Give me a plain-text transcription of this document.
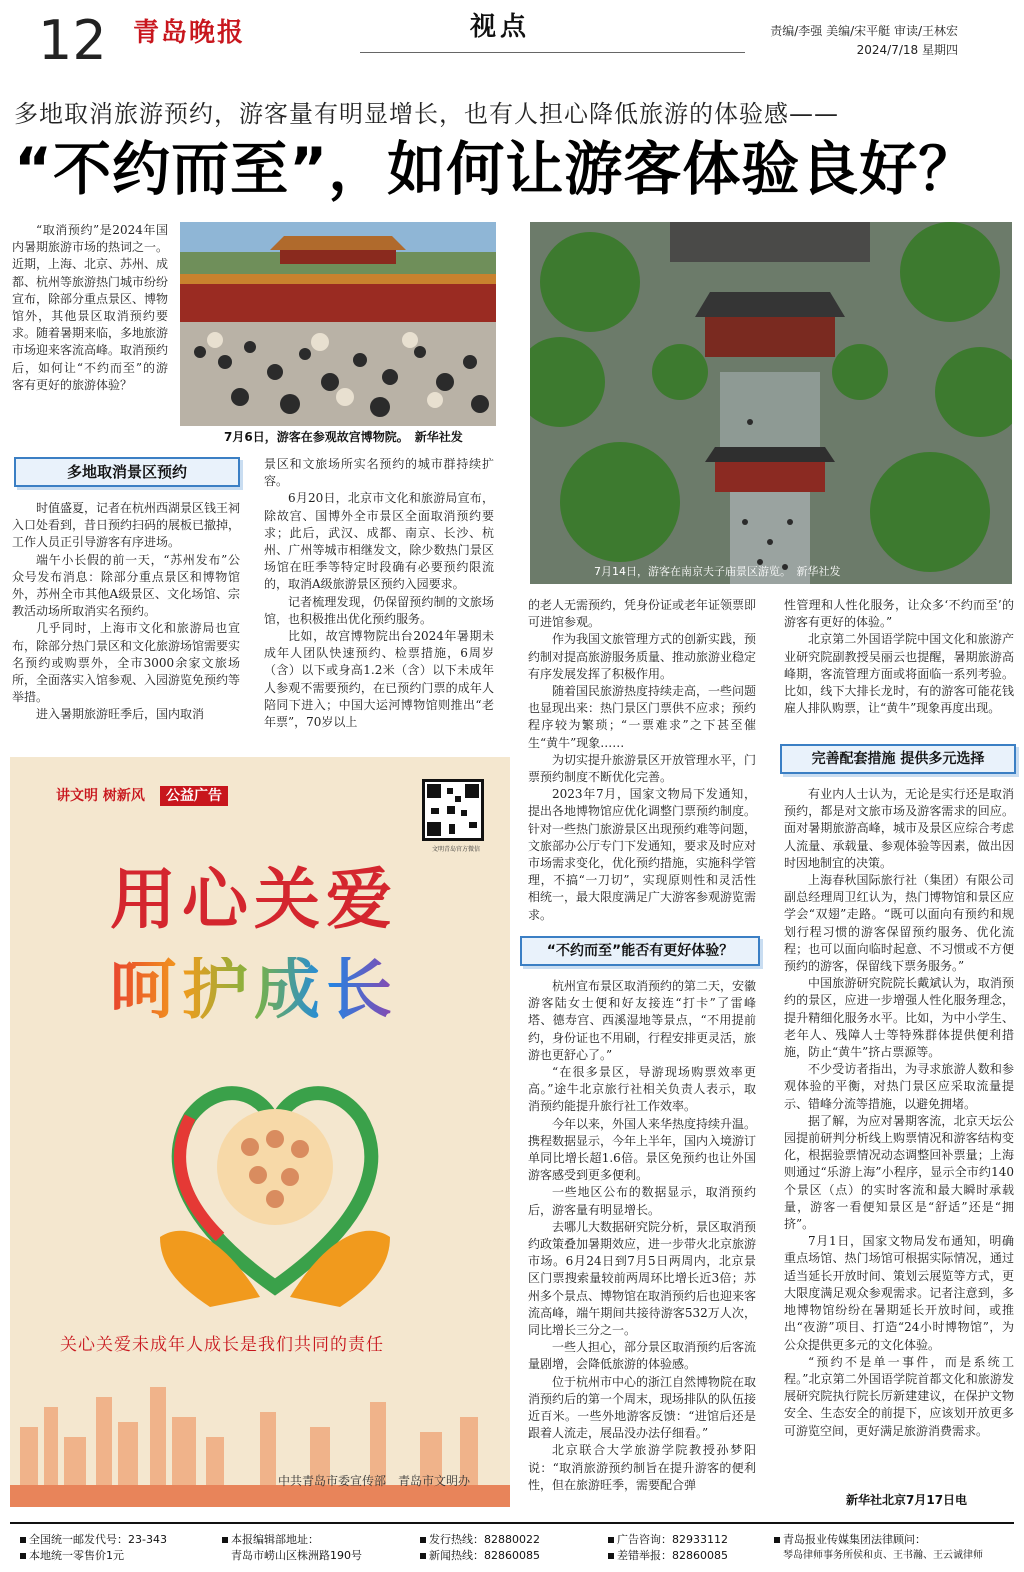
12 青岛晚报	视点	责编/李强 美编/宋平艇 审读/王林宏
2024/7/18 星期四
多地取消旅游预约，游客量有明显增长，也有人担心降低旅游的体验感——
“不约而至”，如何让游客体验良好？

“取消预约”是2024年国内暑期旅游市场的热词之一。近期，上海、北京、苏州、成都、杭州等旅游热门城市纷纷宣布，除部分重点景区、博物馆外，其他景区取消预约要求。随着暑期来临，多地旅游市场迎来客流高峰。取消预约后，如何让“不约而至”的游客有更好的旅游体验？

7月6日，游客在参观故宫博物院。　新华社发
多地取消景区预约

时值盛夏，记者在杭州西湖景区钱王祠入口处看到，昔日预约扫码的展板已撤掉，工作人员正引导游客有序进场。

端午小长假的前一天，“苏州发布”公众号发布消息：除部分重点景区和博物馆外，苏州全市其他A级景区、文化场馆、宗教活动场所取消实名预约。

几乎同时，上海市文化和旅游局也宣布，除部分热门景区和文化旅游场馆需要实名预约或购票外，全市3000余家文旅场所，全面落实入馆参观、入园游览免预约等举措。

进入暑期旅游旺季后，国内取消

景区和文旅场所实名预约的城市群持续扩容。

6月20日，北京市文化和旅游局宣布，除故宫、国博外全市景区全面取消预约要求；此后，武汉、成都、南京、长沙、杭州、广州等城市相继发文，除少数热门景区场馆在旺季等特定时段确有必要预约限流的，取消A级旅游景区预约入园要求。

记者梳理发现，仍保留预约制的文旅场馆，也积极推出优化预约服务。

比如，故宫博物院出台2024年暑期未成年人团队快速预约、检票措施，6周岁（含）以下或身高1.2米（含）以下未成年人参观不需要预约，在已预约门票的成年人陪同下进入；中国大运河博物馆则推出“老年票”，70岁以上

7月14日，游客在南京夫子庙景区游览。　新华社发

的老人无需预约，凭身份证或老年证领票即可进馆参观。

作为我国文旅管理方式的创新实践，预约制对提高旅游服务质量、推动旅游业稳定有序发展发挥了积极作用。

随着国民旅游热度持续走高，一些问题也显现出来：热门景区门票供不应求；预约程序较为繁琐；“一票难求”之下甚至催生“黄牛”现象……

为切实提升旅游景区开放管理水平，门票预约制度不断优化完善。

2023年7月，国家文物局下发通知，提出各地博物馆应优化调整门票预约制度。针对一些热门旅游景区出现预约难等问题，文旅部办公厅专门下发通知，要求及时应对市场需求变化，优化预约措施，实施科学管理，不搞“一刀切”，实现原则性和灵活性相统一，最大限度满足广大游客参观游览需求。

“不约而至”能否有更好体验？

杭州宣布景区取消预约的第二天，安徽游客陆女士便和好友接连“打卡”了雷峰塔、德寿宫、西溪湿地等景点，“不用提前约，身份证也不用刷，行程安排更灵活，旅游也更舒心了。”

“在很多景区，导游现场购票效率更高。”途牛北京旅行社相关负责人表示，取消预约能提升旅行社工作效率。

今年以来，外国人来华热度持续升温。携程数据显示，今年上半年，国内入境游订单同比增长超1.6倍。景区免预约也让外国游客感受到更多便利。

一些地区公布的数据显示，取消预约后，游客量有明显增长。

去哪儿大数据研究院分析，景区取消预约政策叠加暑期效应，进一步带火北京旅游市场。6月24日到7月5日两周内，北京景区门票搜索量较前两周环比增长近3倍；苏州多个景点、博物馆在取消预约后也迎来客流高峰，端午期间共接待游客532万人次，同比增长三分之一。

一些人担心，部分景区取消预约后客流量剧增，会降低旅游的体验感。

位于杭州市中心的浙江自然博物院在取消预约后的第一个周末，现场排队的队伍接近百米。一些外地游客反馈：“进馆后还是跟着人流走，展品没办法仔细看。”

北京联合大学旅游学院教授孙梦阳说：“取消旅游预约制旨在提升游客的便利性，但在旅游旺季，需要配合弹

性管理和人性化服务，让众多‘不约而至’的游客有更好的体验。”

北京第二外国语学院中国文化和旅游产业研究院副教授吴丽云也提醒，暑期旅游高峰期，客流管理方面或将面临一系列考验。比如，线下大排长龙时，有的游客可能花钱雇人排队购票，让“黄牛”现象再度出现。

完善配套措施 提供多元选择

有业内人士认为，无论是实行还是取消预约，都是对文旅市场及游客需求的回应。面对暑期旅游高峰，城市及景区应综合考虑人流量、承载量、参观体验等因素，做出因时因地制宜的决策。

上海春秋国际旅行社（集团）有限公司副总经理周卫红认为，热门博物馆和景区应学会“双翅”走路。“既可以面向有预约和规划行程习惯的游客保留预约服务、优化流程；也可以面向临时起意、不习惯或不方便预约的游客，保留线下票务服务。”

中国旅游研究院院长戴斌认为，取消预约的景区，应进一步增强人性化服务理念，提升精细化服务水平。比如，为中小学生、老年人、残障人士等特殊群体提供便利措施，防止“黄牛”挤占票源等。

不少受访者指出，为寻求旅游人数和参观体验的平衡，对热门景区应采取流量提示、错峰分流等措施，以避免拥堵。

据了解，为应对暑期客流，北京天坛公园提前研判分析线上购票情况和游客结构变化，根据验票情况动态调整回补票量；上海则通过“乐游上海”小程序，显示全市约140个景区（点）的实时客流和最大瞬时承载量，游客一看便知景区是“舒适”还是“拥挤”。

7月1日，国家文物局发布通知，明确重点场馆、热门场馆可根据实际情况，通过适当延长开放时间、策划云展览等方式，更大限度满足观众参观需求。记者注意到，多地博物馆纷纷在暑期延长开放时间，或推出“夜游”项目、打造“24小时博物馆”，为公众提供更多元的文化体验。

“预约不是单一事件，而是系统工程。”北京第二外国语学院首都文化和旅游发展研究院执行院长厉新建建议，在保护文物安全、生态安全的前提下，应该划开放更多可游览空间，更好满足旅游消费需求。

新华社北京7月17日电
讲文明 树新风	公益广告
文明青岛官方微信
用心关爱
呵护成长
关心关爱未成年人成长是我们共同的责任
中共青岛市委宣传部　青岛市文明办
全国统一邮发代号：23-343
本地统一零售价1元
本报编辑部地址：
青岛市崂山区株洲路190号
发行热线：82880022
新闻热线：82860085
广告咨询：82933112
差错举报：82860085
青岛报业传媒集团法律顾问：
琴岛律师事务所侯和贞、王书瀚、王云诚律师
